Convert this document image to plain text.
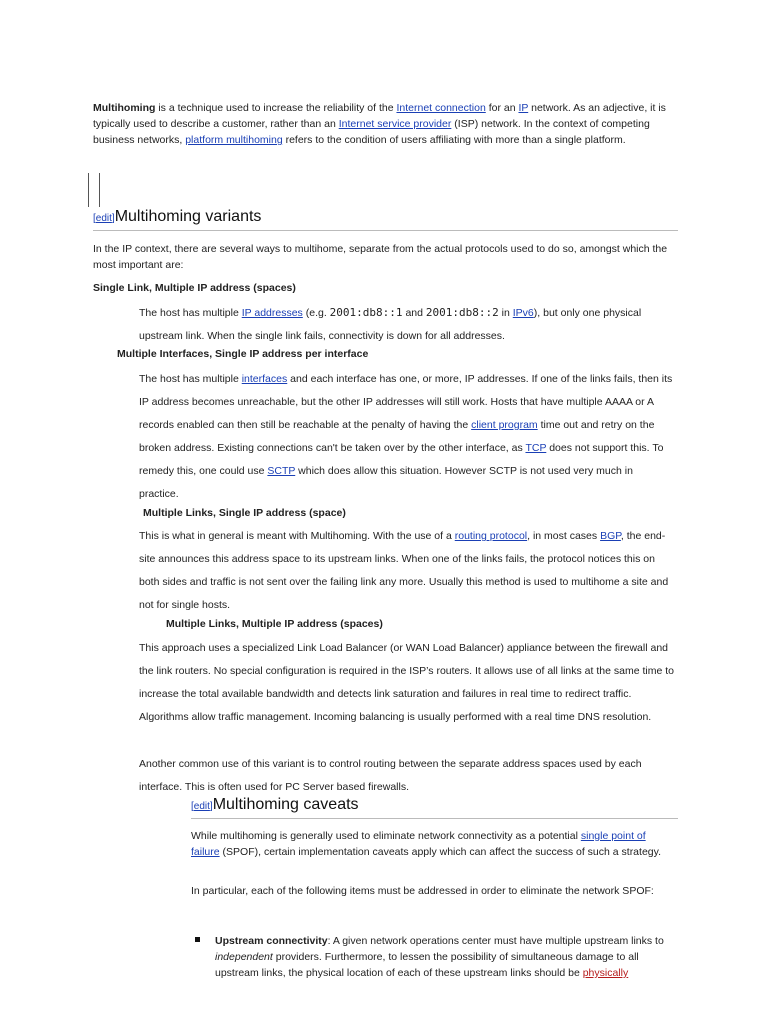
Multihoming is a technique used to increase the reliability of the Internet connection for an IP network. As an adjective, it is typically used to describe a customer, rather than an Internet service provider (ISP) network. In the context of competing business networks, platform multihoming refers to the condition of users affiliating with more than a single platform.

[edit]Multihoming variants

In the IP context, there are several ways to multihome, separate from the actual protocols used to do so, amongst which the most important are:

Single Link, Multiple IP address (spaces)

The host has multiple IP addresses (e.g. 2001:db8::1 and 2001:db8::2 in IPv6), but only one physical upstream link. When the single link fails, connectivity is down for all addresses.

Multiple Interfaces, Single IP address per interface

The host has multiple interfaces and each interface has one, or more, IP addresses. If one of the links fails, then its IP address becomes unreachable, but the other IP addresses will still work. Hosts that have multiple AAAA or A records enabled can then still be reachable at the penalty of having the client program time out and retry on the broken address. Existing connections can't be taken over by the other interface, as TCP does not support this. To remedy this, one could use SCTP which does allow this situation. However SCTP is not used very much in practice.

Multiple Links, Single IP address (space)

This is what in general is meant with Multihoming. With the use of a routing protocol, in most cases BGP, the end-site announces this address space to its upstream links. When one of the links fails, the protocol notices this on both sides and traffic is not sent over the failing link any more. Usually this method is used to multihome a site and not for single hosts.

Multiple Links, Multiple IP address (spaces)

This approach uses a specialized Link Load Balancer (or WAN Load Balancer) appliance between the firewall and the link routers. No special configuration is required in the ISP’s routers. It allows use of all links at the same time to increase the total available bandwidth and detects link saturation and failures in real time to redirect traffic. Algorithms allow traffic management. Incoming balancing is usually performed with a real time DNS resolution.

Another common use of this variant is to control routing between the separate address spaces used by each interface. This is often used for PC Server based firewalls.

[edit]Multihoming caveats

While multihoming is generally used to eliminate network connectivity as a potential single point of failure (SPOF), certain implementation caveats apply which can affect the success of such a strategy.

In particular, each of the following items must be addressed in order to eliminate the network SPOF:

Upstream connectivity: A given network operations center must have multiple upstream links to independent providers. Furthermore, to lessen the possibility of simultaneous damage to all upstream links, the physical location of each of these upstream links should be physically
